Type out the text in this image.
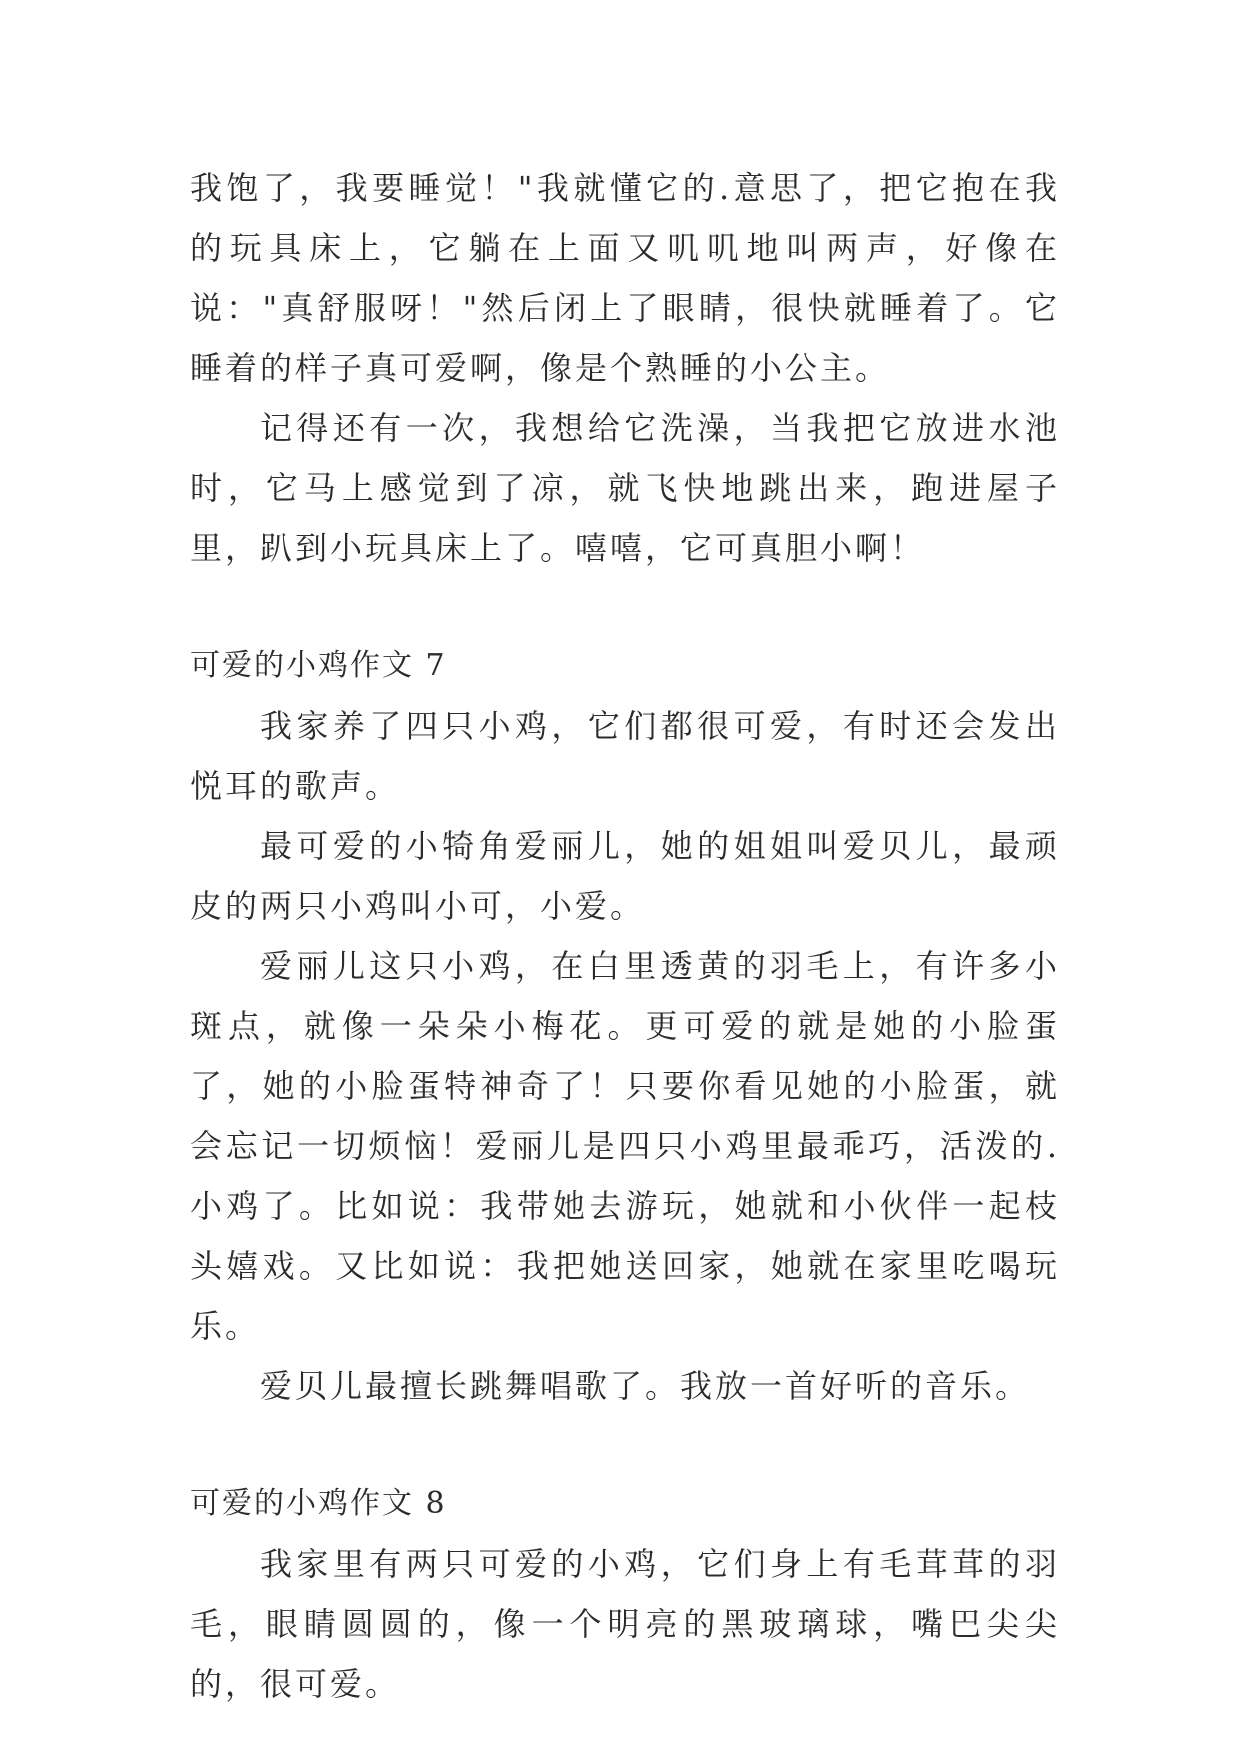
我饱了，我要睡觉！"我就懂它的.意思了，把它抱在我的玩具床上，它躺在上面又叽叽地叫两声，好像在说："真舒服呀！"然后闭上了眼睛，很快就睡着了。它睡着的样子真可爱啊，像是个熟睡的小公主。

记得还有一次，我想给它洗澡，当我把它放进水池时，它马上感觉到了凉，就飞快地跳出来，跑进屋子里，趴到小玩具床上了。嘻嘻，它可真胆小啊！

可爱的小鸡作文 7

我家养了四只小鸡，它们都很可爱，有时还会发出悦耳的歌声。

最可爱的小犄角爱丽儿，她的姐姐叫爱贝儿，最顽皮的两只小鸡叫小可，小爱。

爱丽儿这只小鸡，在白里透黄的羽毛上，有许多小斑点，就像一朵朵小梅花。更可爱的就是她的小脸蛋了，她的小脸蛋特神奇了！只要你看见她的小脸蛋，就会忘记一切烦恼！爱丽儿是四只小鸡里最乖巧，活泼的.小鸡了。比如说：我带她去游玩，她就和小伙伴一起枝头嬉戏。又比如说：我把她送回家，她就在家里吃喝玩乐。

爱贝儿最擅长跳舞唱歌了。我放一首好听的音乐。

可爱的小鸡作文 8

我家里有两只可爱的小鸡，它们身上有毛茸茸的羽毛，眼睛圆圆的，像一个明亮的黑玻璃球，嘴巴尖尖的，很可爱。
